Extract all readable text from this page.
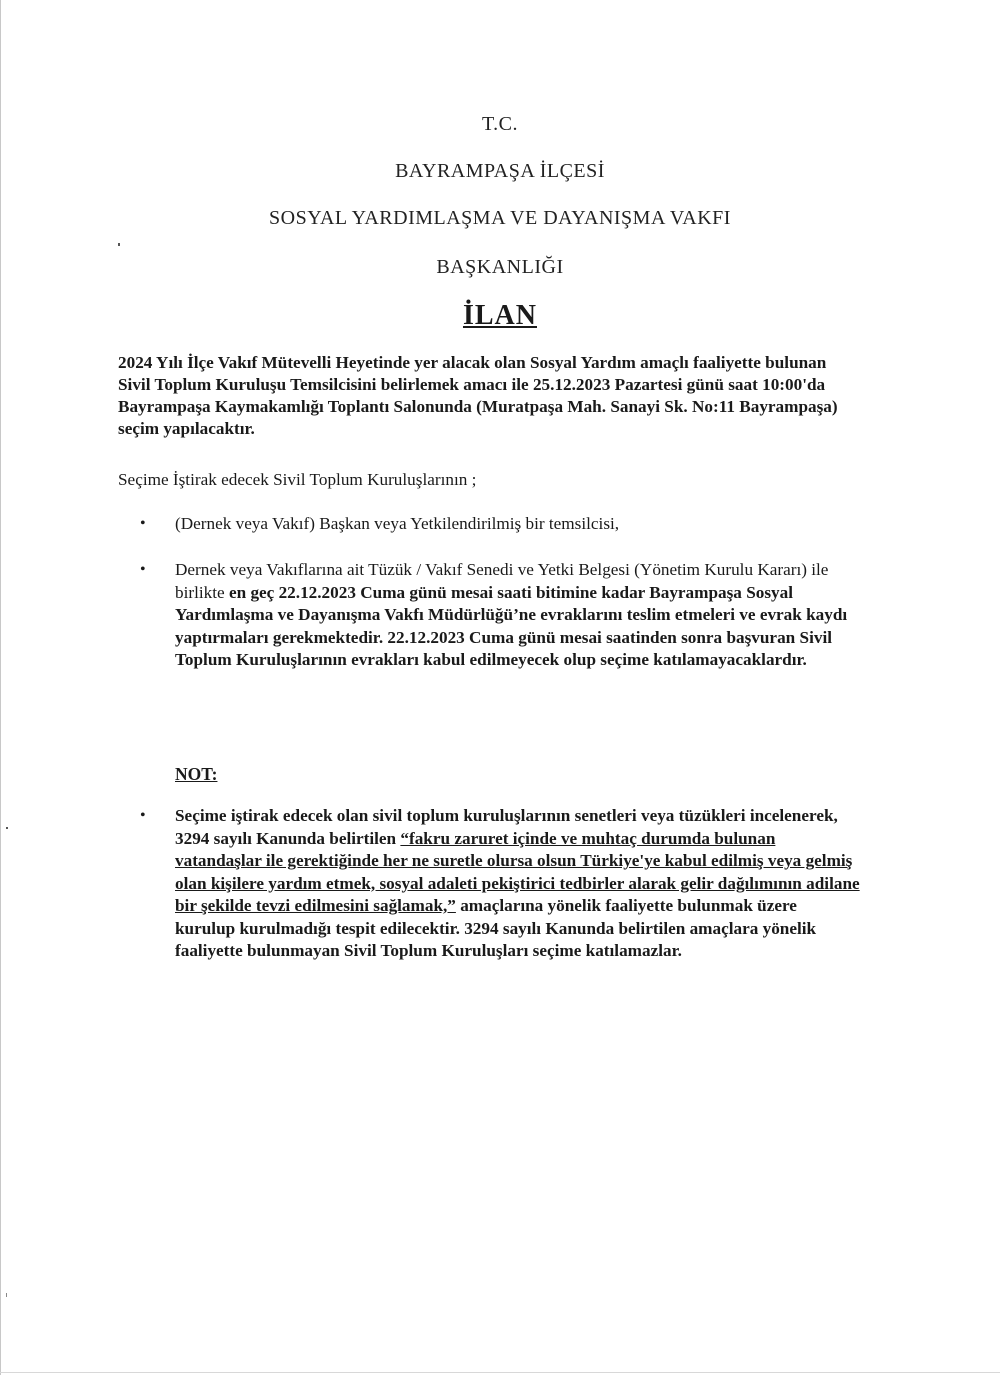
T.C.
BAYRAMPAŞA İLÇESİ
SOSYAL YARDIMLAŞMA VE DAYANIŞMA VAKFI
BAŞKANLIĞI
İLAN
2024 Yılı İlçe Vakıf Mütevelli Heyetinde yer alacak olan Sosyal Yardım amaçlı faaliyette bulunan Sivil Toplum Kuruluşu Temsilcisini belirlemek amacı ile 25.12.2023 Pazartesi günü saat 10:00'da Bayrampaşa Kaymakamlığı Toplantı Salonunda (Muratpaşa Mah. Sanayi Sk. No:11 Bayrampaşa) seçim yapılacaktır.
Seçime İştirak edecek Sivil Toplum Kuruluşlarının ;
•	(Dernek veya Vakıf) Başkan veya Yetkilendirilmiş bir temsilcisi,
•	Dernek veya Vakıflarına ait Tüzük / Vakıf Senedi ve Yetki Belgesi (Yönetim Kurulu Kararı) ile birlikte en geç 22.12.2023 Cuma günü mesai saati bitimine kadar Bayrampaşa Sosyal Yardımlaşma ve Dayanışma Vakfı Müdürlüğü’ne evraklarını teslim etmeleri ve evrak kaydı yaptırmaları gerekmektedir. 22.12.2023 Cuma günü mesai saatinden sonra başvuran Sivil Toplum Kuruluşlarının evrakları kabul edilmeyecek olup seçime katılamayacaklardır.
NOT:
•	Seçime iştirak edecek olan sivil toplum kuruluşlarının senetleri veya tüzükleri incelenerek, 3294 sayılı Kanunda belirtilen “fakru zaruret içinde ve muhtaç durumda bulunan vatandaşlar ile gerektiğinde her ne suretle olursa olsun Türkiye'ye kabul edilmiş veya gelmiş olan kişilere yardım etmek, sosyal adaleti pekiştirici tedbirler alarak gelir dağılımının adilane bir şekilde tevzi edilmesini sağlamak,” amaçlarına yönelik faaliyette bulunmak üzere kurulup kurulmadığı tespit edilecektir. 3294 sayılı Kanunda belirtilen amaçlara yönelik faaliyette bulunmayan Sivil Toplum Kuruluşları seçime katılamazlar.
